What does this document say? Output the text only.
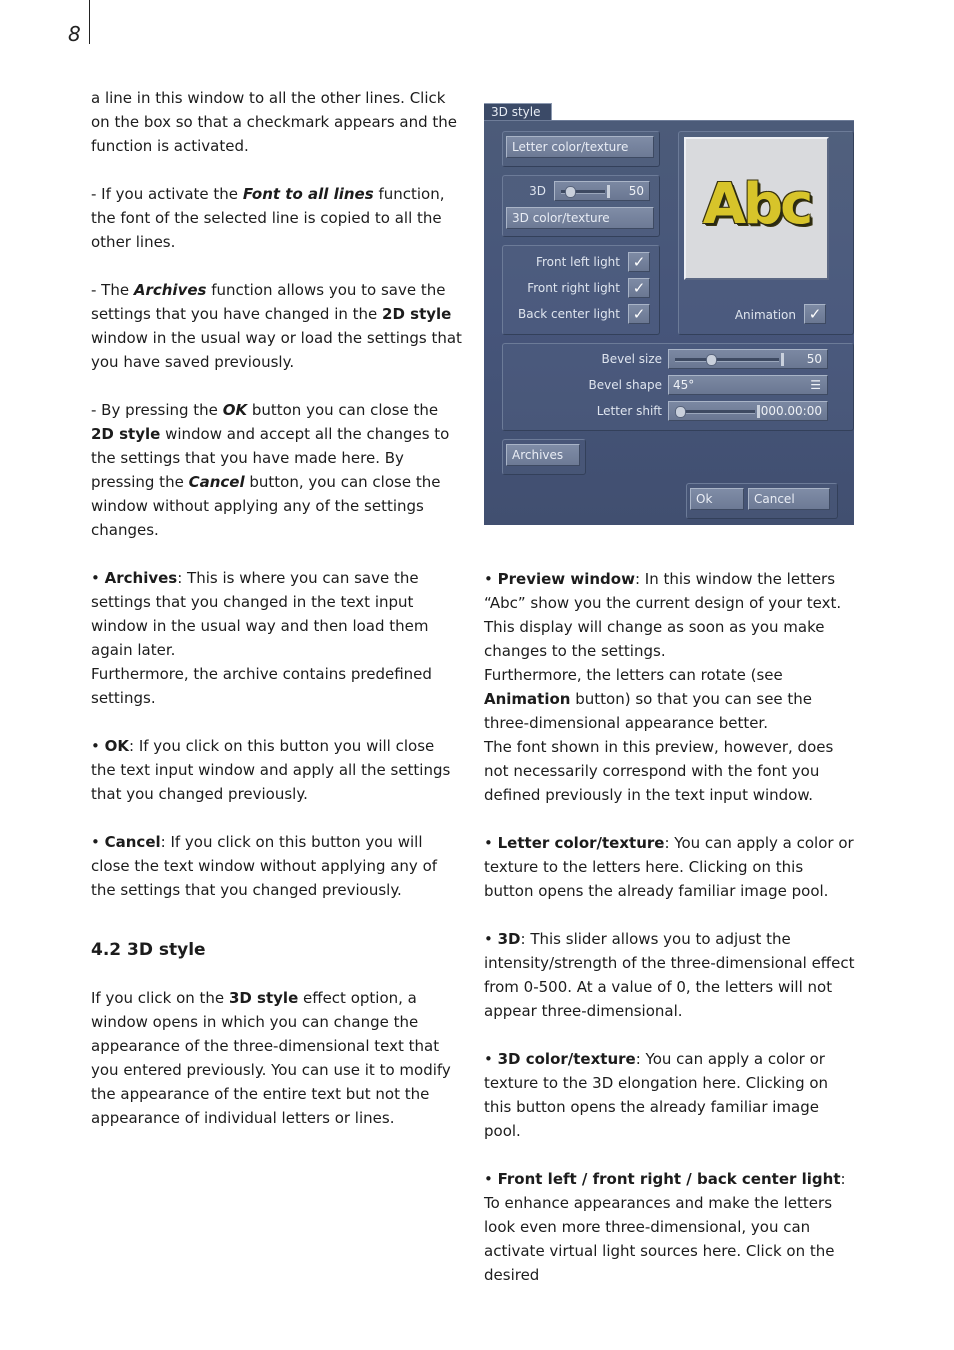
8

a line in this window to all the other lines. Click on the box so that a checkmark appears and the function is activated.

- If you activate the Font to all lines function, the font of the selected line is copied to all the other lines.

- The Archives function allows you to save the settings that you have changed in the 2D style window in the usual way or load the settings that you have saved previously.

- By pressing the OK button you can close the 2D style window and accept all the changes to the settings that you have made here. By pressing the Cancel button, you can close the window without applying any of the settings changes.

• Archives: This is where you can save the settings that you changed in the text input window in the usual way and then load them again later.

Furthermore, the archive contains predefined settings.

• OK: If you click on this button you will close the text input window and apply all the settings that you changed previously.

• Cancel: If you click on this button you will close the text window without applying any of the settings that you changed previously.

4.2 3D style

If you click on the 3D style effect option, a window opens in which you can change the appearance of the three-dimensional text that you entered previously. You can use it to modify the appearance of the entire text but not the appearance of individual letters or lines.

3D style
Letter color/texture
3D	50
3D color/texture
Front left light ✓
Front right light ✓
Back center light ✓
Abc
Animation ✓
Bevel size	50
Bevel shape 45°	☰
Letter shift	000.00:00
Archives
Ok	Cancel

• Preview window: In this window the letters “Abc” show you the current design of your text. This display will change as soon as you make changes to the settings.

Furthermore, the letters can rotate (see Animation button) so that you can see the three-dimensional appearance better.

The font shown in this preview, however, does not necessarily correspond with the font you defined previously in the text input window.

• Letter color/texture: You can apply a color or texture to the letters here. Clicking on this button opens the already familiar image pool.

• 3D: This slider allows you to adjust the intensity/strength of the three-dimensional effect from 0-500. At a value of 0, the letters will not appear three-dimensional.

• 3D color/texture: You can apply a color or texture to the 3D elongation here. Clicking on this button opens the already familiar image pool.

• Front left / front right / back center light: To enhance appearances and make the letters look even more three-dimensional, you can activate virtual light sources here. Click on the desired
